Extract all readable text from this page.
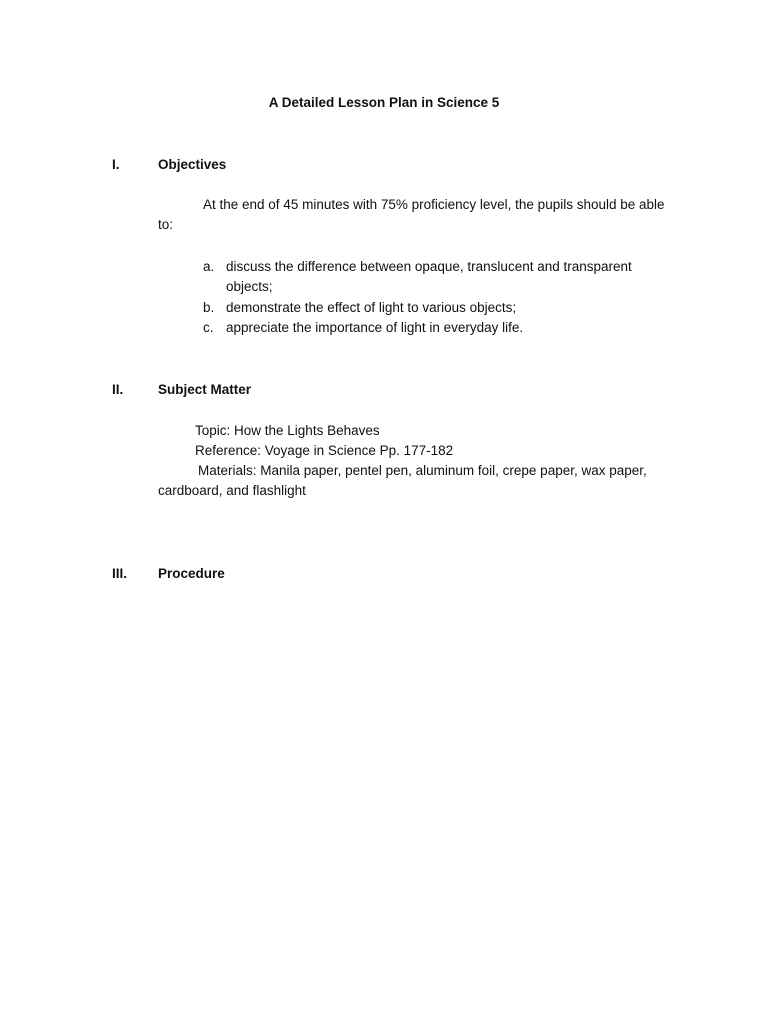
A Detailed Lesson Plan in Science 5
I.	Objectives
At the end of 45 minutes with 75% proficiency level, the pupils should be able to:
a. discuss the difference between opaque, translucent and transparent objects;
b. demonstrate the effect of light to various objects;
c. appreciate the importance of light in everyday life.
II.	Subject Matter
Topic: How the Lights Behaves
Reference: Voyage in Science Pp. 177-182
Materials: Manila paper, pentel pen, aluminum foil, crepe paper, wax paper, cardboard, and flashlight
III. Procedure
